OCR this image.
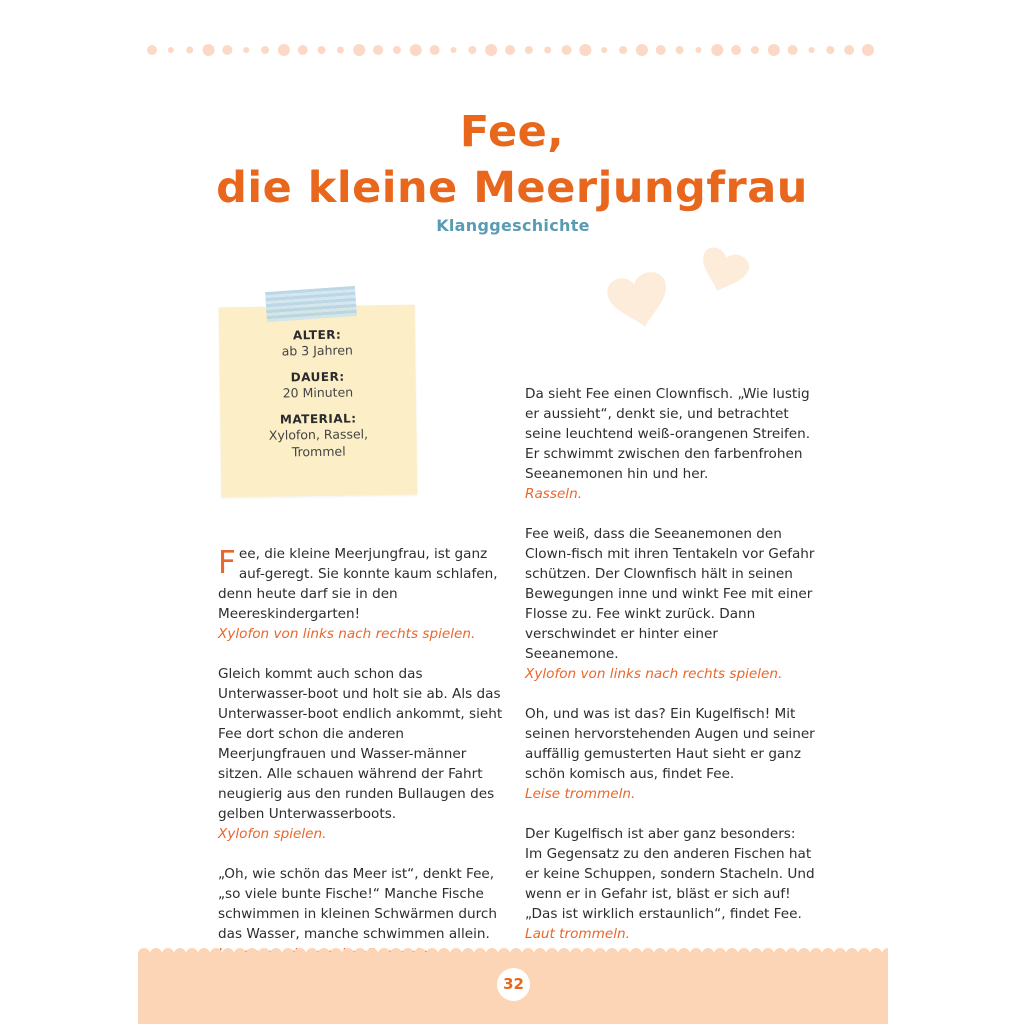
Fee,
die kleine Meerjungfrau
Klanggeschichte
ALTER:
ab 3 Jahren
DAUER:
20 Minuten
MATERIAL:
Xylofon, Rassel, Trommel

Fee, die kleine Meerjungfrau, ist ganz auf-geregt. Sie konnte kaum schlafen, denn heute darf sie in den Meereskindergarten!
Xylofon von links nach rechts spielen.

Gleich kommt auch schon das Unterwasser-boot und holt sie ab. Als das Unterwasser-boot endlich ankommt, sieht Fee dort schon die anderen Meerjungfrauen und Wasser-männer sitzen. Alle schauen während der Fahrt neugierig aus den runden Bullaugen des gelben Unterwasserboots.
Xylofon spielen.

„Oh, wie schön das Meer ist“, denkt Fee, „so viele bunte Fische!“ Manche Fische schwimmen in kleinen Schwärmen durch das Wasser, manche schwimmen allein.

Da sieht Fee einen Clownfisch. „Wie lustig er aussieht“, denkt sie, und betrachtet seine leuchtend weiß-orangenen Streifen. Er schwimmt zwischen den farbenfrohen Seeanemonen hin und her.
Rasseln.

Fee weiß, dass die Seeanemonen den Clown-fisch mit ihren Tentakeln vor Gefahr schützen. Der Clownfisch hält in seinen Bewegungen inne und winkt Fee mit einer Flosse zu. Fee winkt zurück. Dann verschwindet er hinter einer Seeanemone.
Xylofon von links nach rechts spielen.

Oh, und was ist das? Ein Kugelfisch! Mit seinen hervorstehenden Augen und seiner auffällig gemusterten Haut sieht er ganz schön komisch aus, findet Fee.
Leise trommeln.

Der Kugelfisch ist aber ganz besonders: Im Gegensatz zu den anderen Fischen hat er keine Schuppen, sondern Stacheln. Und wenn er in Gefahr ist, bläst er sich auf! „Das ist wirklich erstaunlich“, findet Fee.
Laut trommeln.

32
